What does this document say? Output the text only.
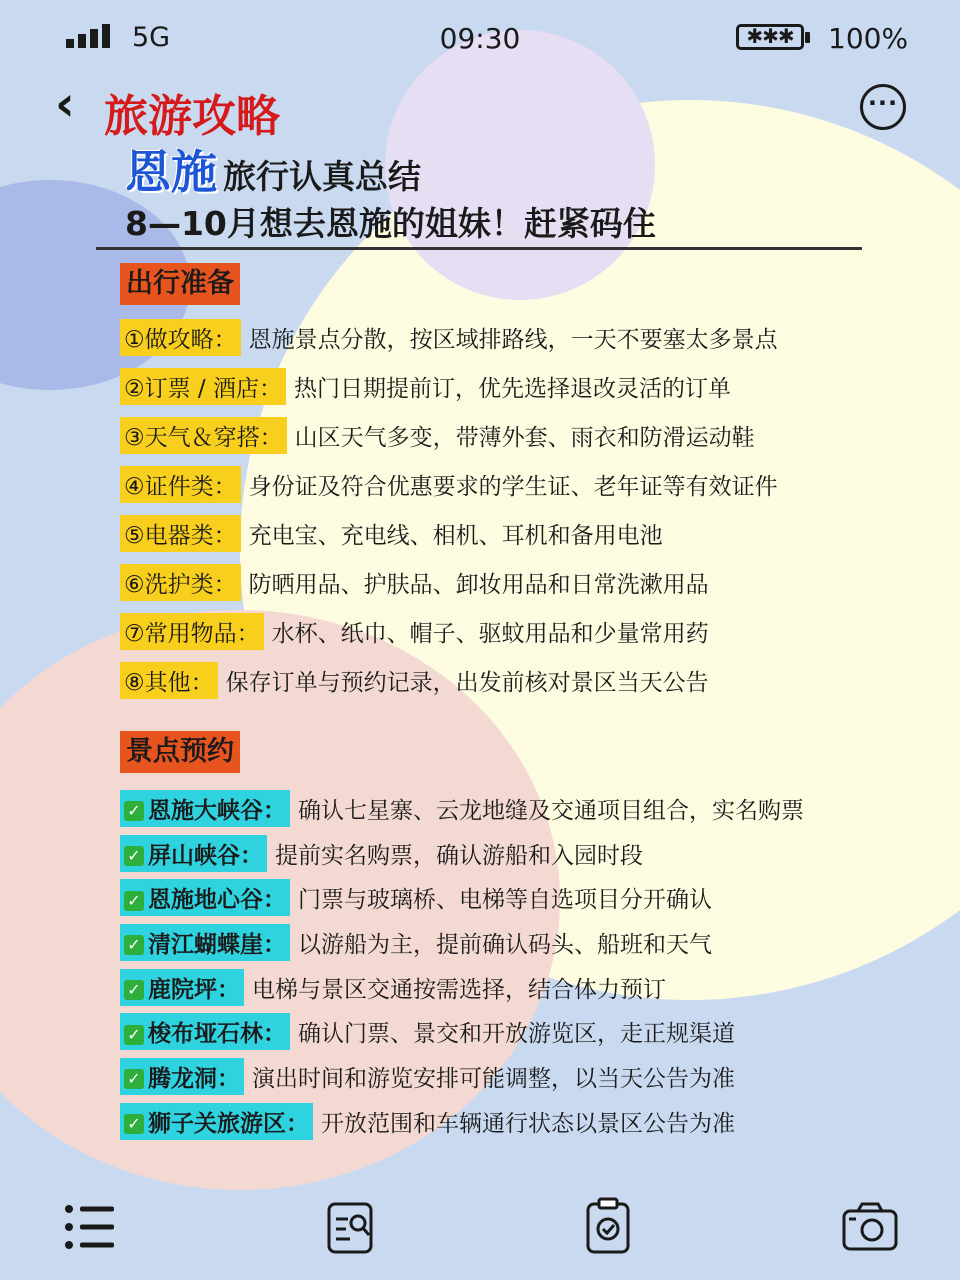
5G	09:30	✱✱✱	100%
‹ 旅游攻略	···
恩施 旅行认真总结
8—10月想去恩施的姐妹！赶紧码住
出行准备
①做攻略： 恩施景点分散，按区域排路线，一天不要塞太多景点
②订票 / 酒店： 热门日期提前订，优先选择退改灵活的订单
③天气＆穿搭： 山区天气多变，带薄外套、雨衣和防滑运动鞋
④证件类： 身份证及符合优惠要求的学生证、老年证等有效证件
⑤电器类： 充电宝、充电线、相机、耳机和备用电池
⑥洗护类： 防晒用品、护肤品、卸妆用品和日常洗漱用品
⑦常用物品： 水杯、纸巾、帽子、驱蚊用品和少量常用药
⑧其他： 保存订单与预约记录，出发前核对景区当天公告
景点预约
✓ 恩施大峡谷： 确认七星寨、云龙地缝及交通项目组合，实名购票
✓ 屏山峡谷： 提前实名购票，确认游船和入园时段
✓ 恩施地心谷： 门票与玻璃桥、电梯等自选项目分开确认
✓ 清江蝴蝶崖： 以游船为主，提前确认码头、船班和天气
✓ 鹿院坪： 电梯与景区交通按需选择，结合体力预订
✓ 梭布垭石林： 确认门票、景交和开放游览区，走正规渠道
✓ 腾龙洞： 演出时间和游览安排可能调整，以当天公告为准
✓ 狮子关旅游区： 开放范围和车辆通行状态以景区公告为准
